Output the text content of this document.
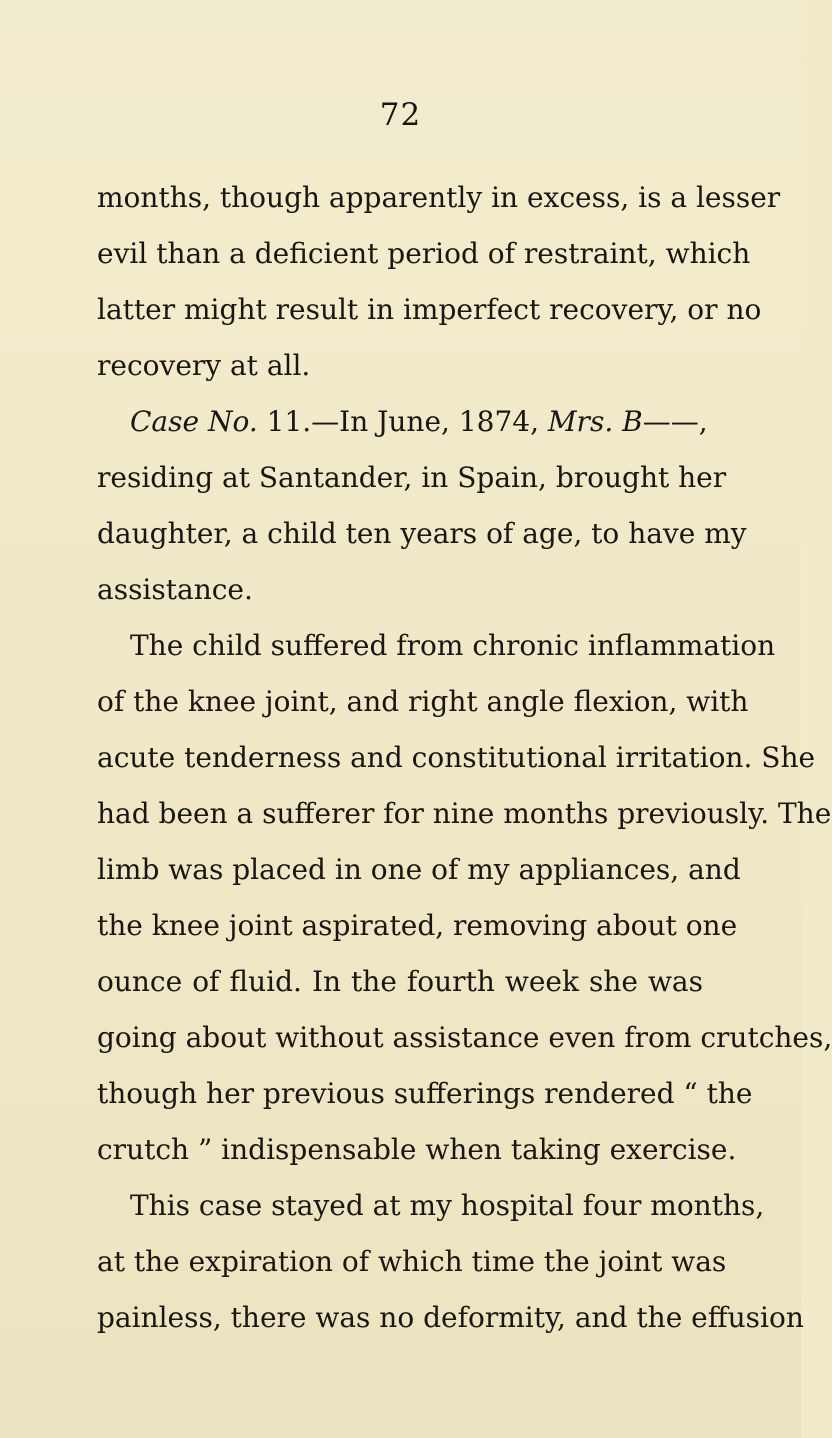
72
months, though apparently in excess, is a lesser
evil than a deficient period of restraint, which
latter might result in imperfect recovery, or no
recovery at all.
Case No. 11.—In June, 1874, Mrs. B——,
residing at Santander, in Spain, brought her
daughter, a child ten years of age, to have my
assistance.
The child suffered from chronic inflammation
of the knee joint, and right angle flexion, with
acute tenderness and constitutional irritation. She
had been a sufferer for nine months previously. The
limb was placed in one of my appliances, and
the knee joint aspirated, removing about one
ounce of fluid. In the fourth week she was
going about without assistance even from crutches,
though her previous sufferings rendered “ the
crutch ” indispensable when taking exercise.
This case stayed at my hospital four months,
at the expiration of which time the joint was
painless, there was no deformity, and the effusion
